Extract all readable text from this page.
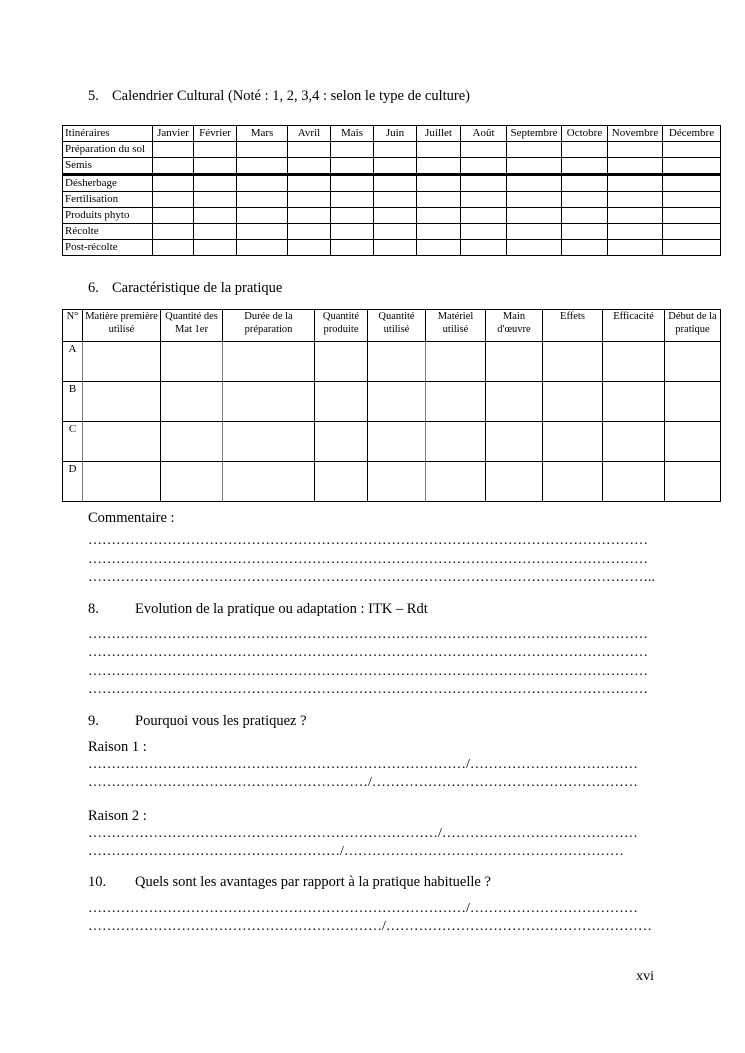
5. Calendrier Cultural (Noté : 1, 2, 3,4 : selon le type de culture)
Itinéraires	Janvier	Février	Mars	Avril	Mais	Juin	Juillet	Août	Septembre	Octobre	Novembre	Décembre
Préparation du sol												
Semis												
Désherbage												
Fertilisation												
Produits phyto												
Récolte												
Post-récolte												
6. Caractéristique de la pratique
N°	Matière première utilisé	Quantité des Mat 1er	Durée de la préparation	Quantité produite	Quantité utilisé	Matériel utilisé	Main d'œuvre	Effets	Efficacité	Début de la pratique
A										
B										
C										
D										
Commentaire :
…………………………………………………………………………………………………………
…………………………………………………………………………………………………………
…………………………………………………………………………………………………………..
8.	Evolution de la pratique ou adaptation : ITK – Rdt
…………………………………………………………………………………………………………
…………………………………………………………………………………………………………
…………………………………………………………………………………………………………
…………………………………………………………………………………………………………
9.	Pourquoi vous les pratiquez ?
Raison 1 :
………………………………………………………………………/………………………………
……………………………………………………/…………………………………………………
Raison 2 :
…………………………………………………………………/……………………………………
………………………………………………/……………………………………………………
10.	Quels sont les avantages par rapport à la pratique habituelle ?
………………………………………………………………………/………………………………
………………………………………………………/…………………………………………………
xvi
